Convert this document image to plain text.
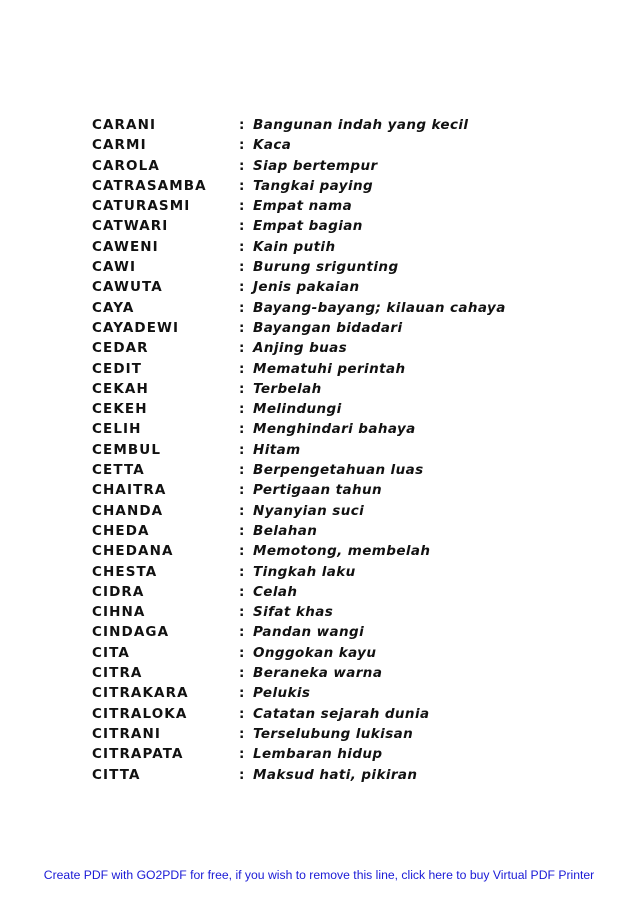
CARANI	: Bangunan indah yang kecil
CARMI	: Kaca
CAROLA	: Siap bertempur
CATRASAMBA : Tangkai paying
CATURASMI	: Empat nama
CATWARI	: Empat bagian
CAWENI	: Kain putih
CAWI	: Burung srigunting
CAWUTA	: Jenis pakaian
CAYA	: Bayang-bayang; kilauan cahaya
CAYADEWI	: Bayangan bidadari
CEDAR	: Anjing buas
CEDIT	: Mematuhi perintah
CEKAH	: Terbelah
CEKEH	: Melindungi
CELIH	: Menghindari bahaya
CEMBUL	: Hitam
CETTA	: Berpengetahuan luas
CHAITRA	: Pertigaan tahun
CHANDA	: Nyanyian suci
CHEDA	: Belahan
CHEDANA	: Memotong, membelah
CHESTA	: Tingkah laku
CIDRA	: Celah
CIHNA	: Sifat khas
CINDAGA	: Pandan wangi
CITA	: Onggokan kayu
CITRA	: Beraneka warna
CITRAKARA	: Pelukis
CITRALOKA	: Catatan sejarah dunia
CITRANI	: Terselubung lukisan
CITRAPATA	: Lembaran hidup
CITTA	: Maksud hati, pikiran
Create PDF with GO2PDF for free, if you wish to remove this line, click here to buy Virtual PDF Printer
